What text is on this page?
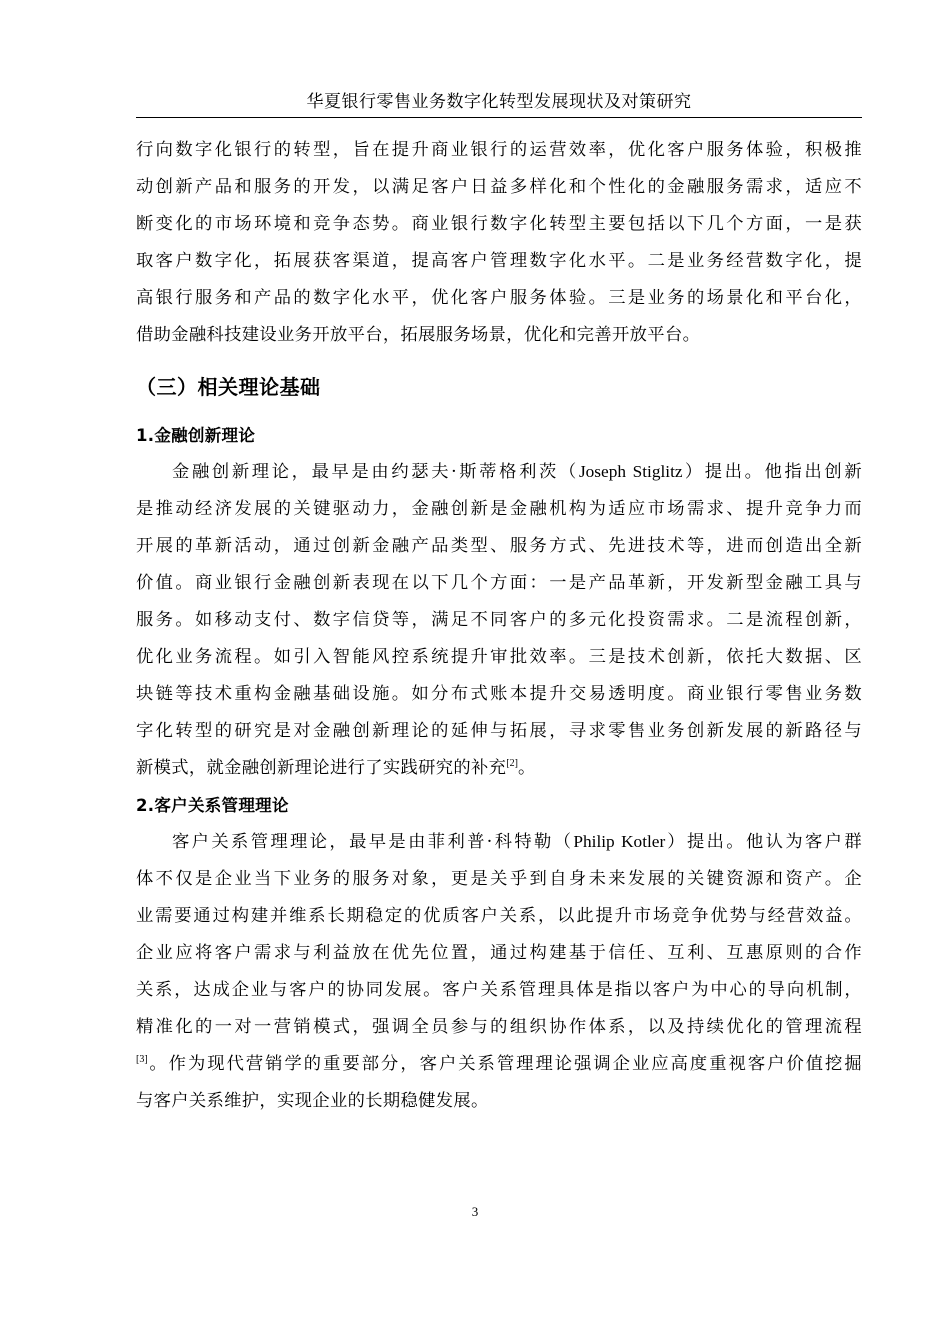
华夏银行零售业务数字化转型发展现状及对策研究
行向数字化银行的转型，旨在提升商业银行的运营效率，优化客户服务体验，积极推
动创新产品和服务的开发，以满足客户日益多样化和个性化的金融服务需求，适应不
断变化的市场环境和竞争态势。商业银行数字化转型主要包括以下几个方面，一是获
取客户数字化，拓展获客渠道，提高客户管理数字化水平。二是业务经营数字化，提
高银行服务和产品的数字化水平，优化客户服务体验。三是业务的场景化和平台化，
借助金融科技建设业务开放平台，拓展服务场景，优化和完善开放平台。
（三）相关理论基础
1.金融创新理论
金融创新理论，最早是由约瑟夫·斯蒂格利茨（Joseph Stiglitz）提出。他指出创新
是推动经济发展的关键驱动力，金融创新是金融机构为适应市场需求、提升竞争力而
开展的革新活动，通过创新金融产品类型、服务方式、先进技术等，进而创造出全新
价值。商业银行金融创新表现在以下几个方面：一是产品革新，开发新型金融工具与
服务。如移动支付、数字信贷等，满足不同客户的多元化投资需求。二是流程创新，
优化业务流程。如引入智能风控系统提升审批效率。三是技术创新，依托大数据、区
块链等技术重构金融基础设施。如分布式账本提升交易透明度。商业银行零售业务数
字化转型的研究是对金融创新理论的延伸与拓展，寻求零售业务创新发展的新路径与
新模式，就金融创新理论进行了实践研究的补充[2]。
2.客户关系管理理论
客户关系管理理论，最早是由菲利普·科特勒（Philip Kotler）提出。他认为客户群
体不仅是企业当下业务的服务对象，更是关乎到自身未来发展的关键资源和资产。企
业需要通过构建并维系长期稳定的优质客户关系，以此提升市场竞争优势与经营效益。
企业应将客户需求与利益放在优先位置，通过构建基于信任、互利、互惠原则的合作
关系，达成企业与客户的协同发展。客户关系管理具体是指以客户为中心的导向机制，
精准化的一对一营销模式，强调全员参与的组织协作体系，以及持续优化的管理流程
[3]。作为现代营销学的重要部分，客户关系管理理论强调企业应高度重视客户价值挖掘
与客户关系维护，实现企业的长期稳健发展。
3
